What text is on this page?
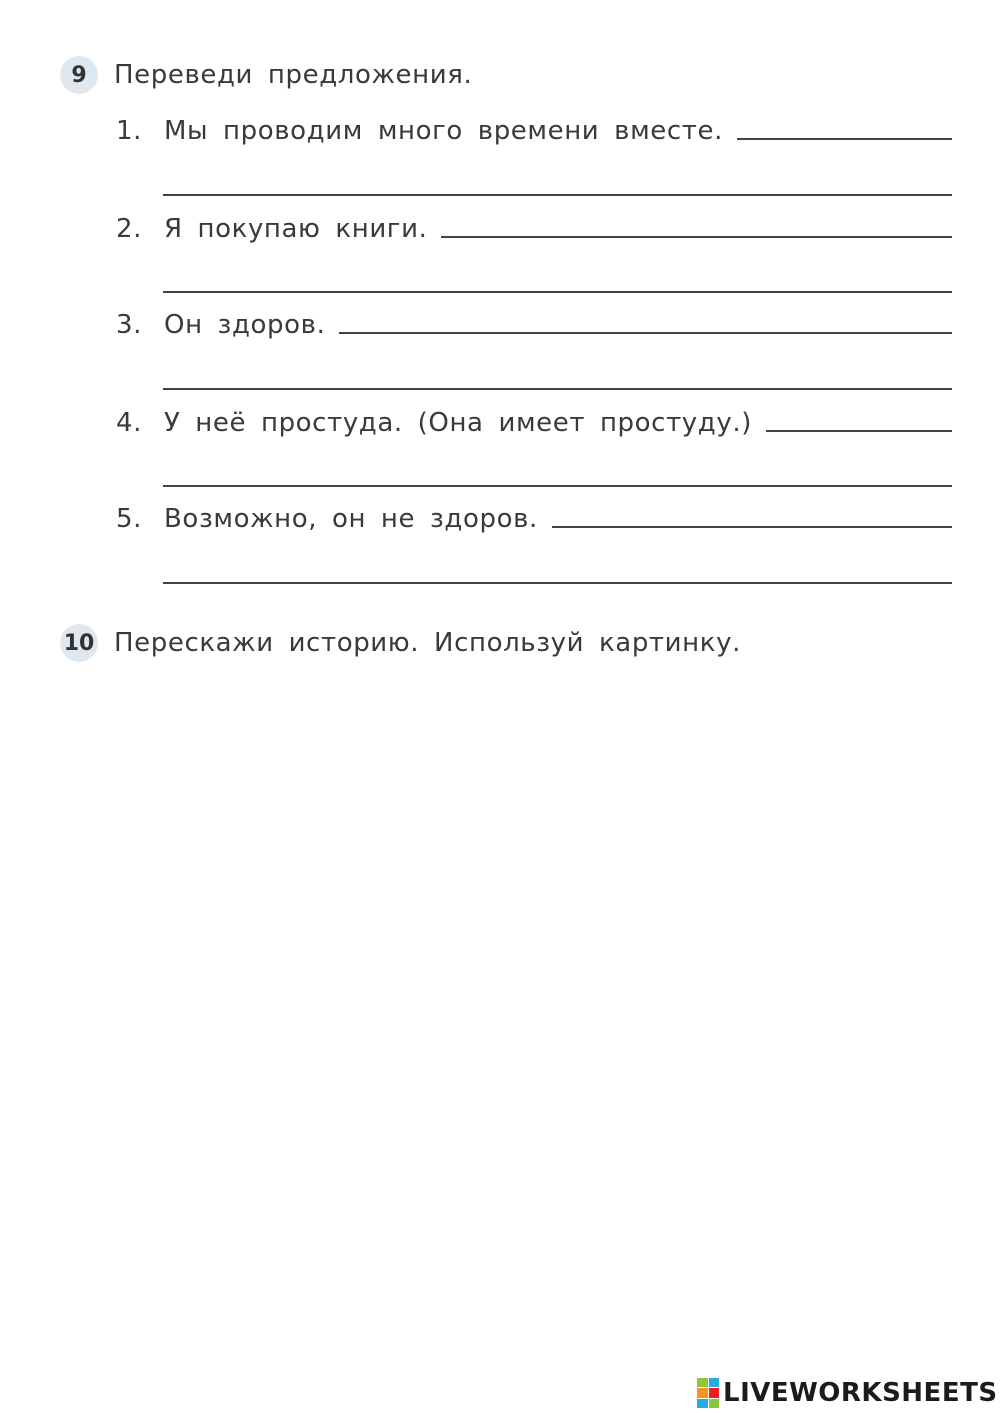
9	Переведи предложения.
1. Мы проводим много времени вместе.
2. Я покупаю книги.
3. Он здоров.
4. У неё простуда. (Она имеет простуду.)
5. Возможно, он не здоров.
10 Перескажи историю. Используй картинку.
LIVEWORKSHEETS
